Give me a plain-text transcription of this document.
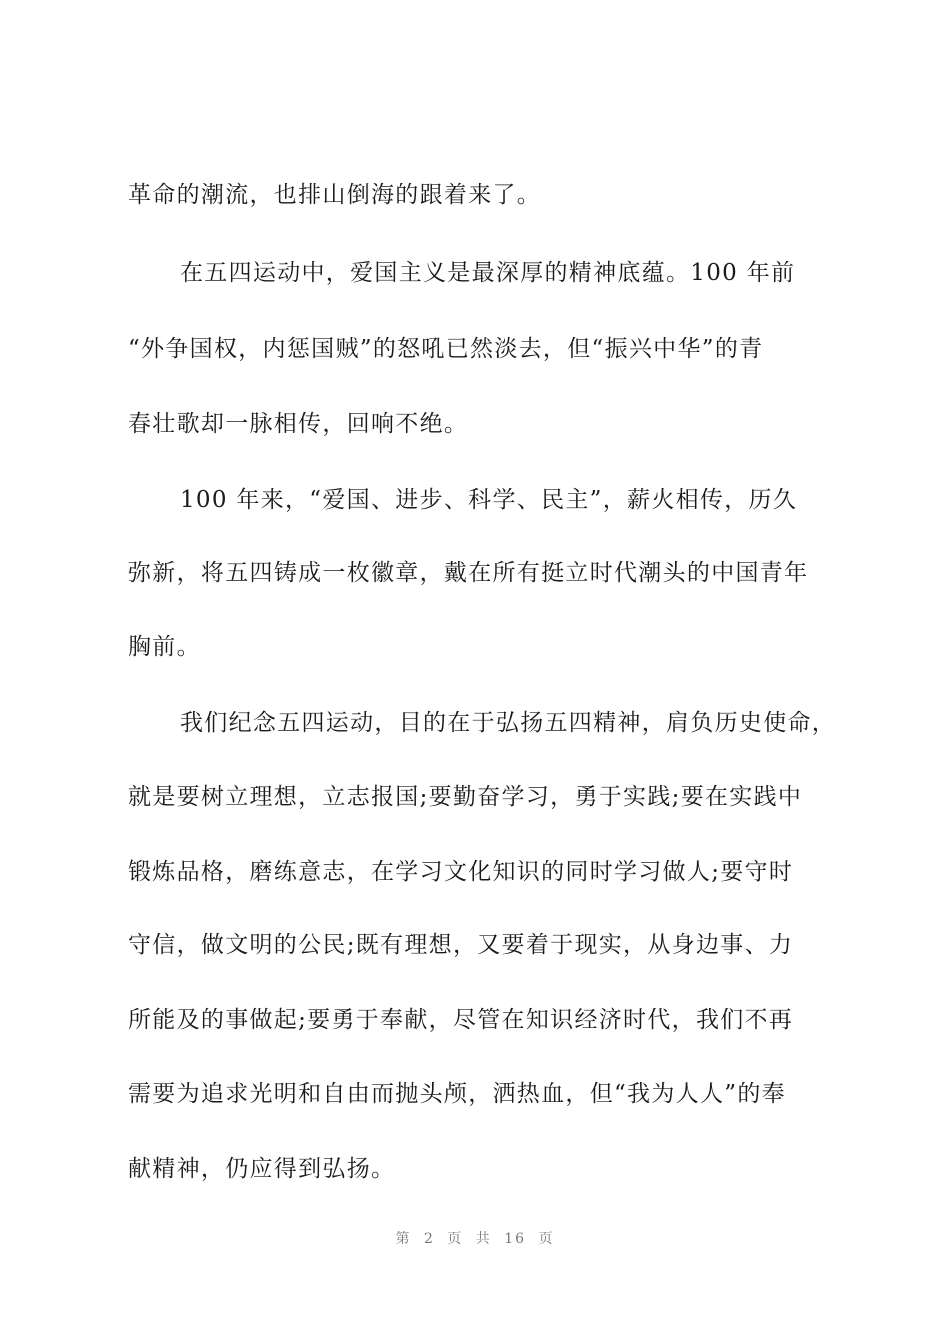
革命的潮流，也排山倒海的跟着来了。
在五四运动中，爱国主义是最深厚的精神底蕴。100 年前
“外争国权，内惩国贼”的怒吼已然淡去，但“振兴中华”的青
春壮歌却一脉相传，回响不绝。
100 年来，“爱国、进步、科学、民主”，薪火相传，历久
弥新，将五四铸成一枚徽章，戴在所有挺立时代潮头的中国青年
胸前。
我们纪念五四运动，目的在于弘扬五四精神，肩负历史使命，
就是要树立理想，立志报国;要勤奋学习，勇于实践;要在实践中
锻炼品格，磨练意志，在学习文化知识的同时学习做人;要守时
守信，做文明的公民;既有理想，又要着于现实，从身边事、力
所能及的事做起;要勇于奉献，尽管在知识经济时代，我们不再
需要为追求光明和自由而抛头颅，洒热血，但“我为人人”的奉
献精神，仍应得到弘扬。
第 2 页 共 16 页
